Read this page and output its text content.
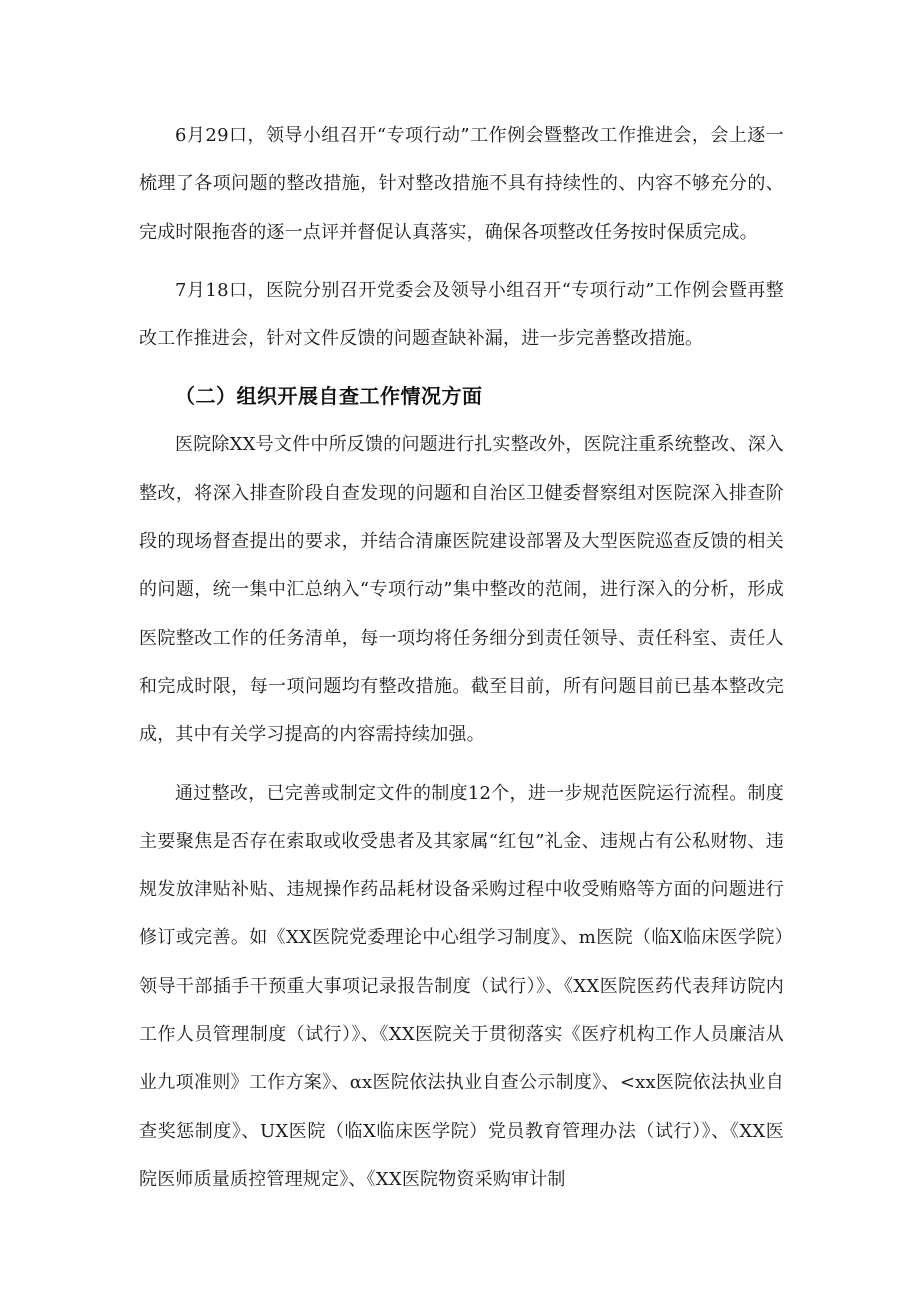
6月29口，领导小组召开“专项行动”工作例会暨整改工作推进会，会上逐一梳理了各项问题的整改措施，针对整改措施不具有持续性的、内容不够充分的、完成时限拖沓的逐一点评并督促认真落实，确保各项整改任务按时保质完成。

7月18口，医院分别召开党委会及领导小组召开“专项行动”工作例会暨再整改工作推进会，针对文件反馈的问题查缺补漏，进一步完善整改措施。

（二）组织开展自查工作情况方面

医院除XX号文件中所反馈的问题进行扎实整改外，医院注重系统整改、深入整改，将深入排查阶段自查发现的问题和自治区卫健委督察组对医院深入排查阶段的现场督查提出的要求，并结合清廉医院建设部署及大型医院巡查反馈的相关的问题，统一集中汇总纳入“专项行动”集中整改的范闹，进行深入的分析，形成医院整改工作的任务清单，每一项均将任务细分到责任领导、责任科室、责任人和完成时限，每一项问题均有整改措施。截至目前，所有问题目前已基本整改完成，其中有关学习提高的内容需持续加强。

通过整改，已完善或制定文件的制度12个，进一步规范医院运行流程。制度主要聚焦是否存在索取或收受患者及其家属“红包”礼金、违规占有公私财物、违规发放津贴补贴、违规操作药品耗材设备采购过程中收受贿赂等方面的问题进行修订或完善。如《XX医院党委理论中心组学习制度》、m医院（临X临床医学院）领导干部插手干预重大事项记录报告制度（试行）》、《XX医院医药代表拜访院内工作人员管理制度（试行）》、《XX医院关于贯彻落实《医疗机构工作人员廉洁从业九项准则》工作方案》、αx医院依法执业自查公示制度》、<xx医院依法执业自查奖惩制度》、UX医院（临X临床医学院）党员教育管理办法（试行）》、《XX医院医师质量质控管理规定》、《XX医院物资采购审计制
